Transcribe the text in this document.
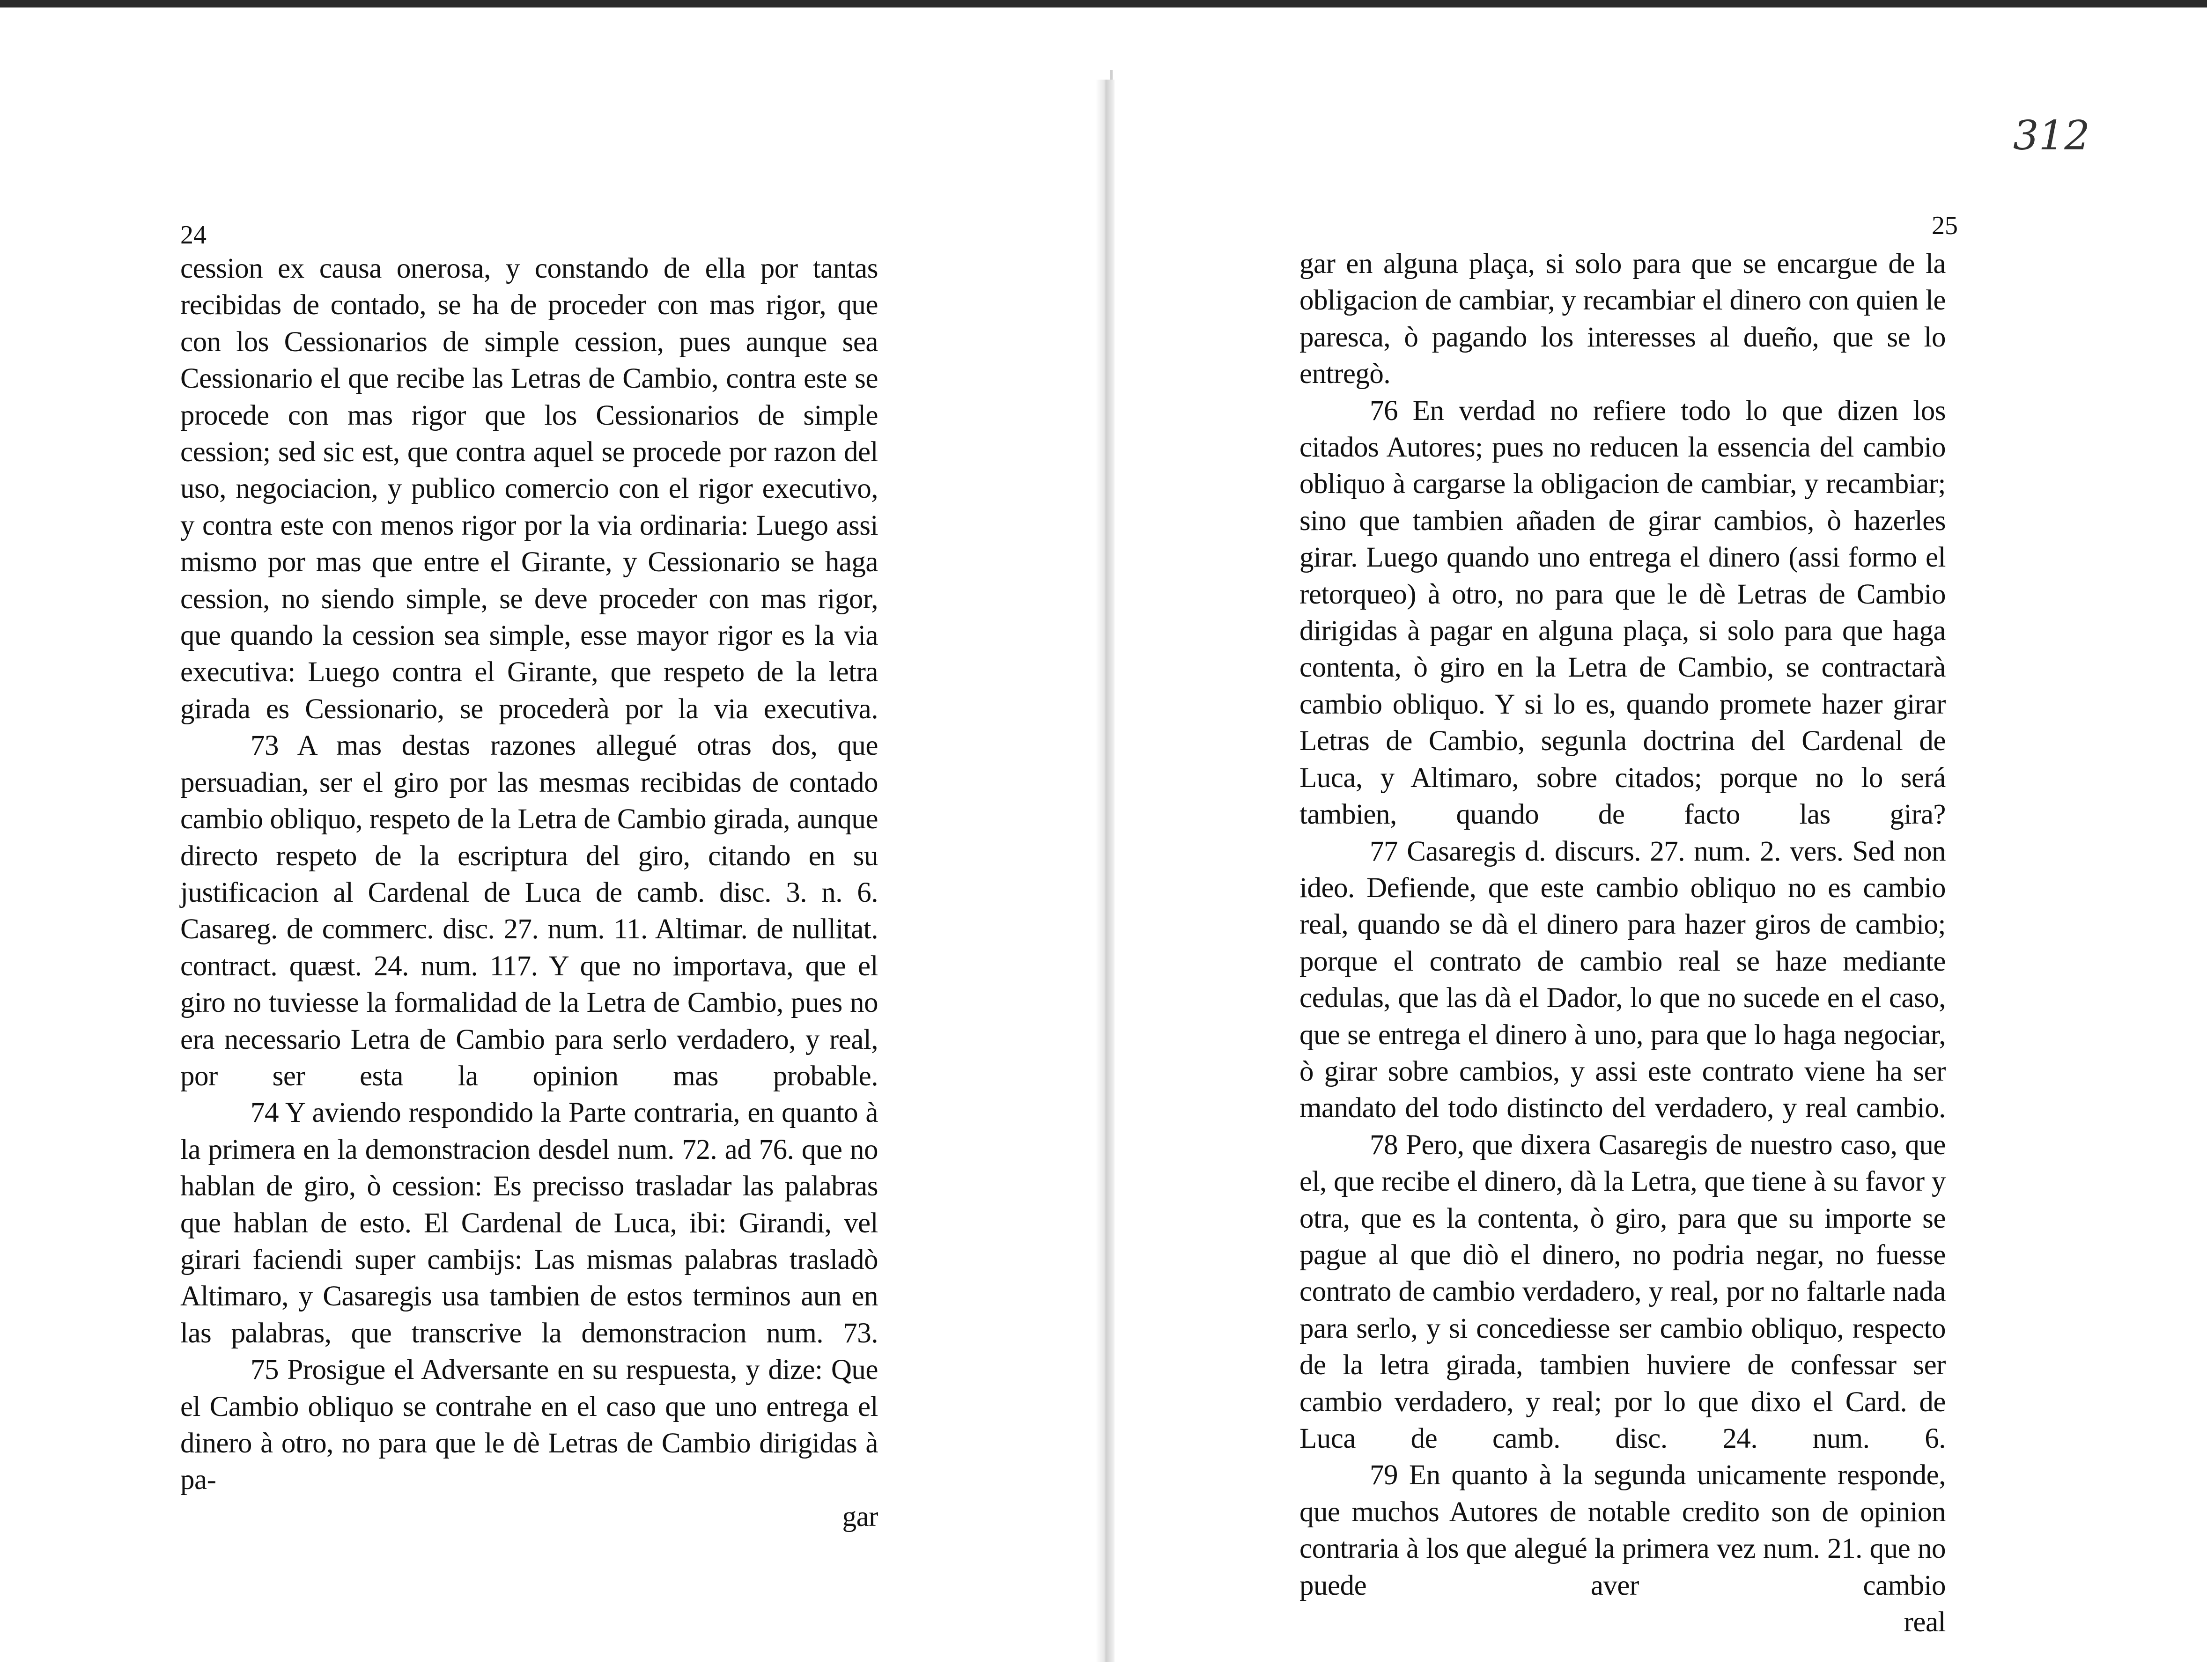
312
24	25

cession ex causa onerosa, y constando de ella por tantas recibidas de contado, se ha de proceder con mas rigor, que con los Cessionarios de simple cession, pues aunque sea Cessionario el que recibe las Letras de Cambio, contra este se procede con mas rigor que los Cessionarios de simple cession; sed sic est, que contra aquel se procede por razon del uso, negociacion, y publico comercio con el rigor executivo, y contra este con menos rigor por la via ordinaria: Luego assi mismo por mas que entre el Girante, y Cessionario se haga cession, no siendo simple, se deve proceder con mas rigor, que quando la cession sea simple, esse mayor rigor es la via executiva: Luego contra el Girante, que respeto de la letra girada es Cessionario, se procederà por la via executiva.

73 A mas destas razones allegué otras dos, que persuadian, ser el giro por las mesmas recibidas de contado cambio obliquo, respeto de la Letra de Cambio girada, aunque directo respeto de la escriptura del giro, citando en su justificacion al Cardenal de Luca de camb. disc. 3. n. 6. Casareg. de commerc. disc. 27. num. 11. Altimar. de nullitat. contract. quæst. 24. num. 117. Y que no importava, que el giro no tuviesse la formalidad de la Letra de Cambio, pues no era necessario Letra de Cambio para serlo verdadero, y real, por ser esta la opinion mas probable.

74 Y aviendo respondido la Parte contraria, en quanto à la primera en la demonstracion desdel num. 72. ad 76. que no hablan de giro, ò cession: Es precisso trasladar las palabras que hablan de esto. El Cardenal de Luca, ibi: Girandi, vel girari faciendi super cambijs: Las mismas palabras trasladò Altimaro, y Casaregis usa tambien de estos terminos aun en las palabras, que transcrive la demonstracion num. 73.

75 Prosigue el Adversante en su respuesta, y dize: Que el Cambio obliquo se contrahe en el caso que uno entrega el dinero à otro, no para que le dè Letras de Cambio dirigidas à pa-

gar

gar en alguna plaça, si solo para que se encargue de la obligacion de cambiar, y recambiar el dinero con quien le paresca, ò pagando los interesses al dueño, que se lo entregò.

76 En verdad no refiere todo lo que dizen los citados Autores; pues no reducen la essencia del cambio obliquo à cargarse la obligacion de cambiar, y recambiar; sino que tambien añaden de girar cambios, ò hazerles girar. Luego quando uno entrega el dinero (assi formo el retorqueo) à otro, no para que le dè Letras de Cambio dirigidas à pagar en alguna plaça, si solo para que haga contenta, ò giro en la Letra de Cambio, se contractarà cambio obliquo. Y si lo es, quando promete hazer girar Letras de Cambio, segunla doctrina del Cardenal de Luca, y Altimaro, sobre citados; porque no lo será tambien, quando de facto las gira?

77 Casaregis d. discurs. 27. num. 2. vers. Sed non ideo. Defiende, que este cambio obliquo no es cambio real, quando se dà el dinero para hazer giros de cambio; porque el contrato de cambio real se haze mediante cedulas, que las dà el Dador, lo que no sucede en el caso, que se entrega el dinero à uno, para que lo haga negociar, ò girar sobre cambios, y assi este contrato viene ha ser mandato del todo distincto del verdadero, y real cambio.

78 Pero, que dixera Casaregis de nuestro caso, que el, que recibe el dinero, dà la Letra, que tiene à su favor y otra, que es la contenta, ò giro, para que su importe se pague al que diò el dinero, no podria negar, no fuesse contrato de cambio verdadero, y real, por no faltarle nada para serlo, y si concediesse ser cambio obliquo, respecto de la letra girada, tambien huviere de confessar ser cambio verdadero, y real; por lo que dixo el Card. de Luca de camb. disc. 24. num. 6.

79 En quanto à la segunda unicamente responde, que muchos Autores de notable credito son de opinion contraria à los que alegué la primera vez num. 21. que no puede aver cambio

real
